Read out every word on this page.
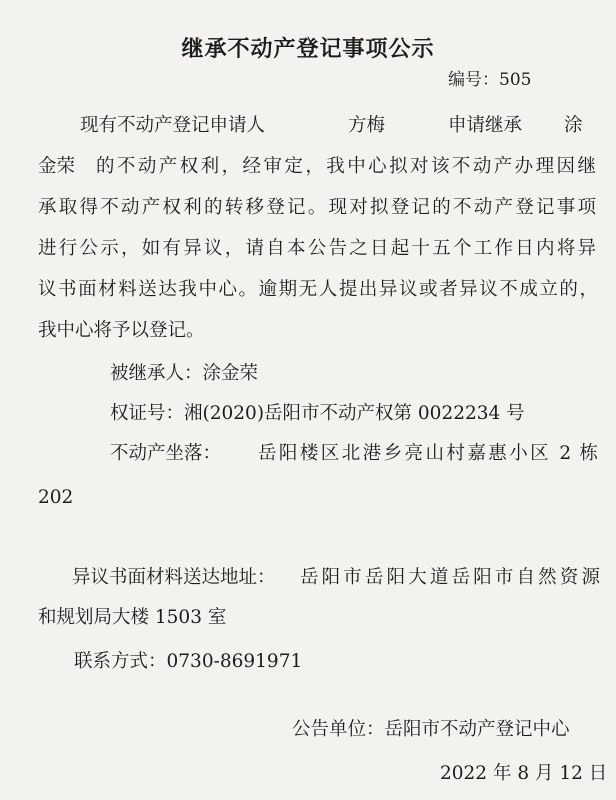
继承不动产登记事项公示
编号：505
现有不动产登记申请人	方梅	申请继承 涂
金荣 的不动产权利，经审定，我中心拟对该不动产办理因继
承取得不动产权利的转移登记。现对拟登记的不动产登记事项
进行公示，如有异议，请自本公告之日起十五个工作日内将异
议书面材料送达我中心。逾期无人提出异议或者异议不成立的，
我中心将予以登记。
被继承人：涂金荣
权证号：湘(2020)岳阳市不动产权第 0022234 号
不动产坐落： 岳阳楼区北港乡亮山村嘉惠小区 2 栋
202
异议书面材料送达地址： 岳阳市岳阳大道岳阳市自然资源
和规划局大楼 1503 室
联系方式：0730-8691971
公告单位：岳阳市不动产登记中心
2022 年 8 月 12 日
